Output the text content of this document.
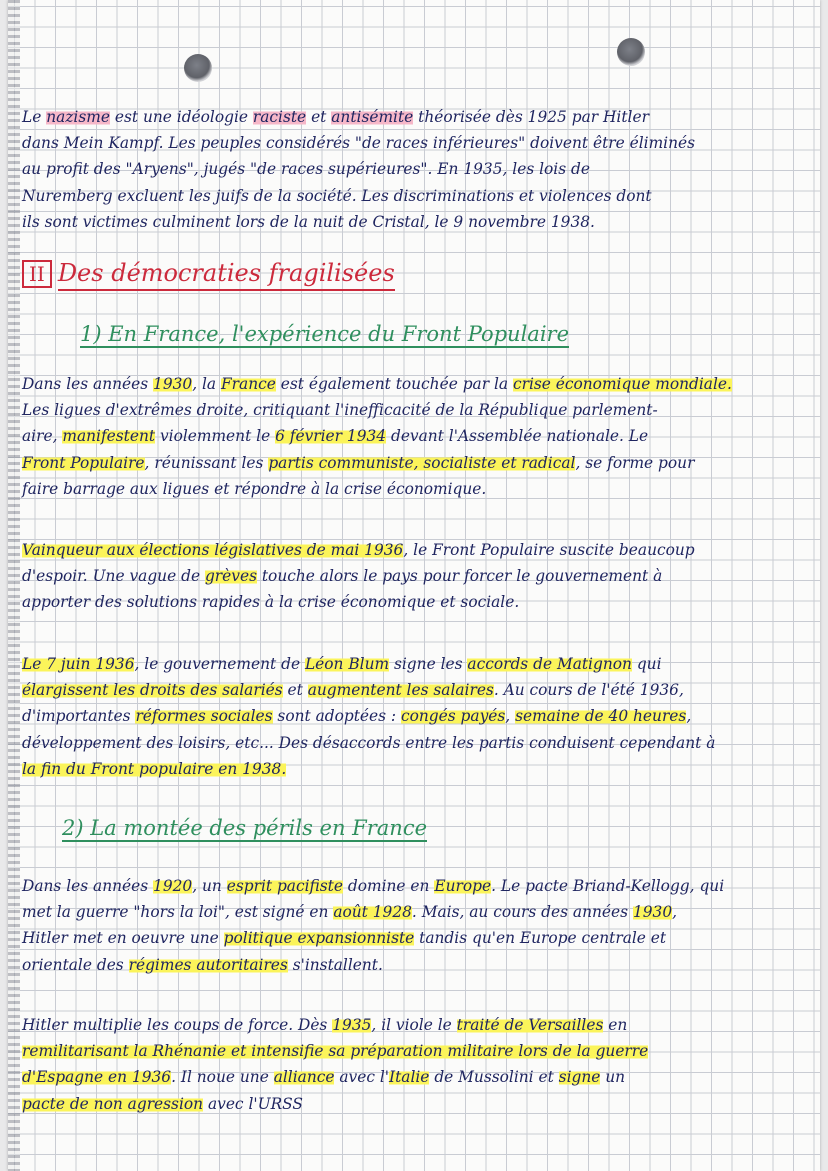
Le nazisme est une idéologie raciste et antisémite théorisée dès 1925 par Hitler
dans Mein Kampf. Les peuples considérés "de races inférieures" doivent être éliminés
au profit des "Aryens", jugés "de races supérieures". En 1935, les lois de
Nuremberg excluent les juifs de la société. Les discriminations et violences dont
ils sont victimes culminent lors de la nuit de Cristal, le 9 novembre 1938.
II Des démocraties fragilisées
1) En France, l'expérience du Front Populaire
Dans les années 1930, la France est également touchée par la crise économique mondiale.
Les ligues d'extrêmes droite, critiquant l'inefficacité de la République parlement-
aire, manifestent violemment le 6 février 1934 devant l'Assemblée nationale. Le
Front Populaire, réunissant les partis communiste, socialiste et radical, se forme pour
faire barrage aux ligues et répondre à la crise économique.
Vainqueur aux élections législatives de mai 1936, le Front Populaire suscite beaucoup
d'espoir. Une vague de grèves touche alors le pays pour forcer le gouvernement à
apporter des solutions rapides à la crise économique et sociale.
Le 7 juin 1936, le gouvernement de Léon Blum signe les accords de Matignon qui
élargissent les droits des salariés et augmentent les salaires. Au cours de l'été 1936,
d'importantes réformes sociales sont adoptées : congés payés, semaine de 40 heures,
développement des loisirs, etc... Des désaccords entre les partis conduisent cependant à
la fin du Front populaire en 1938.
2) La montée des périls en France
Dans les années 1920, un esprit pacifiste domine en Europe. Le pacte Briand-Kellogg, qui
met la guerre "hors la loi", est signé en août 1928. Mais, au cours des années 1930,
Hitler met en oeuvre une politique expansionniste tandis qu'en Europe centrale et
orientale des régimes autoritaires s'installent.
Hitler multiplie les coups de force. Dès 1935, il viole le traité de Versailles en
remilitarisant la Rhénanie et intensifie sa préparation militaire lors de la guerre
d'Espagne en 1936. Il noue une alliance avec l'Italie de Mussolini et signe un
pacte de non agression avec l'URSS
